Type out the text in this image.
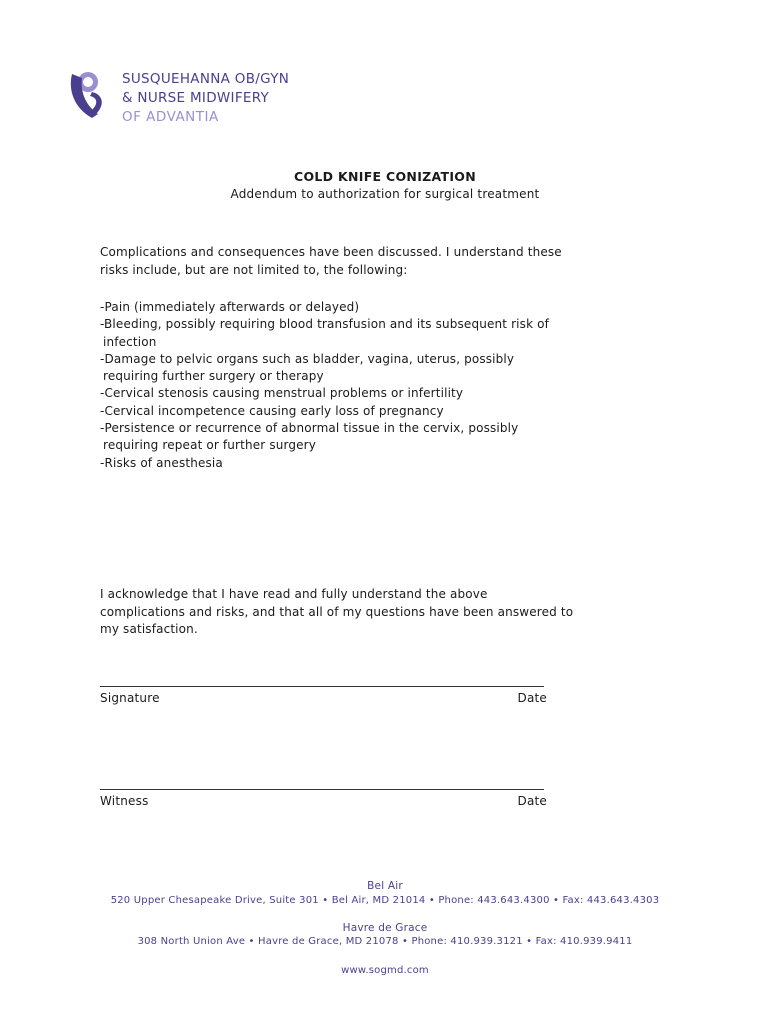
SUSQUEHANNA OB/GYN
& NURSE MIDWIFERY
OF ADVANTIA
COLD KNIFE CONIZATION
Addendum to authorization for surgical treatment
Complications and consequences have been discussed. I understand these
risks include, but are not limited to, the following:
-Pain (immediately afterwards or delayed)
-Bleeding, possibly requiring blood transfusion and its subsequent risk of
infection
-Damage to pelvic organs such as bladder, vagina, uterus, possibly
requiring further surgery or therapy
-Cervical stenosis causing menstrual problems or infertility
-Cervical incompetence causing early loss of pregnancy
-Persistence or recurrence of abnormal tissue in the cervix, possibly
requiring repeat or further surgery
-Risks of anesthesia
I acknowledge that I have read and fully understand the above
complications and risks, and that all of my questions have been answered to
my satisfaction.
Signature	Date
Witness	Date
Bel Air
520 Upper Chesapeake Drive, Suite 301 • Bel Air, MD 21014 • Phone: 443.643.4300 • Fax: 443.643.4303
Havre de Grace
308 North Union Ave • Havre de Grace, MD 21078 • Phone: 410.939.3121 • Fax: 410.939.9411
www.sogmd.com
